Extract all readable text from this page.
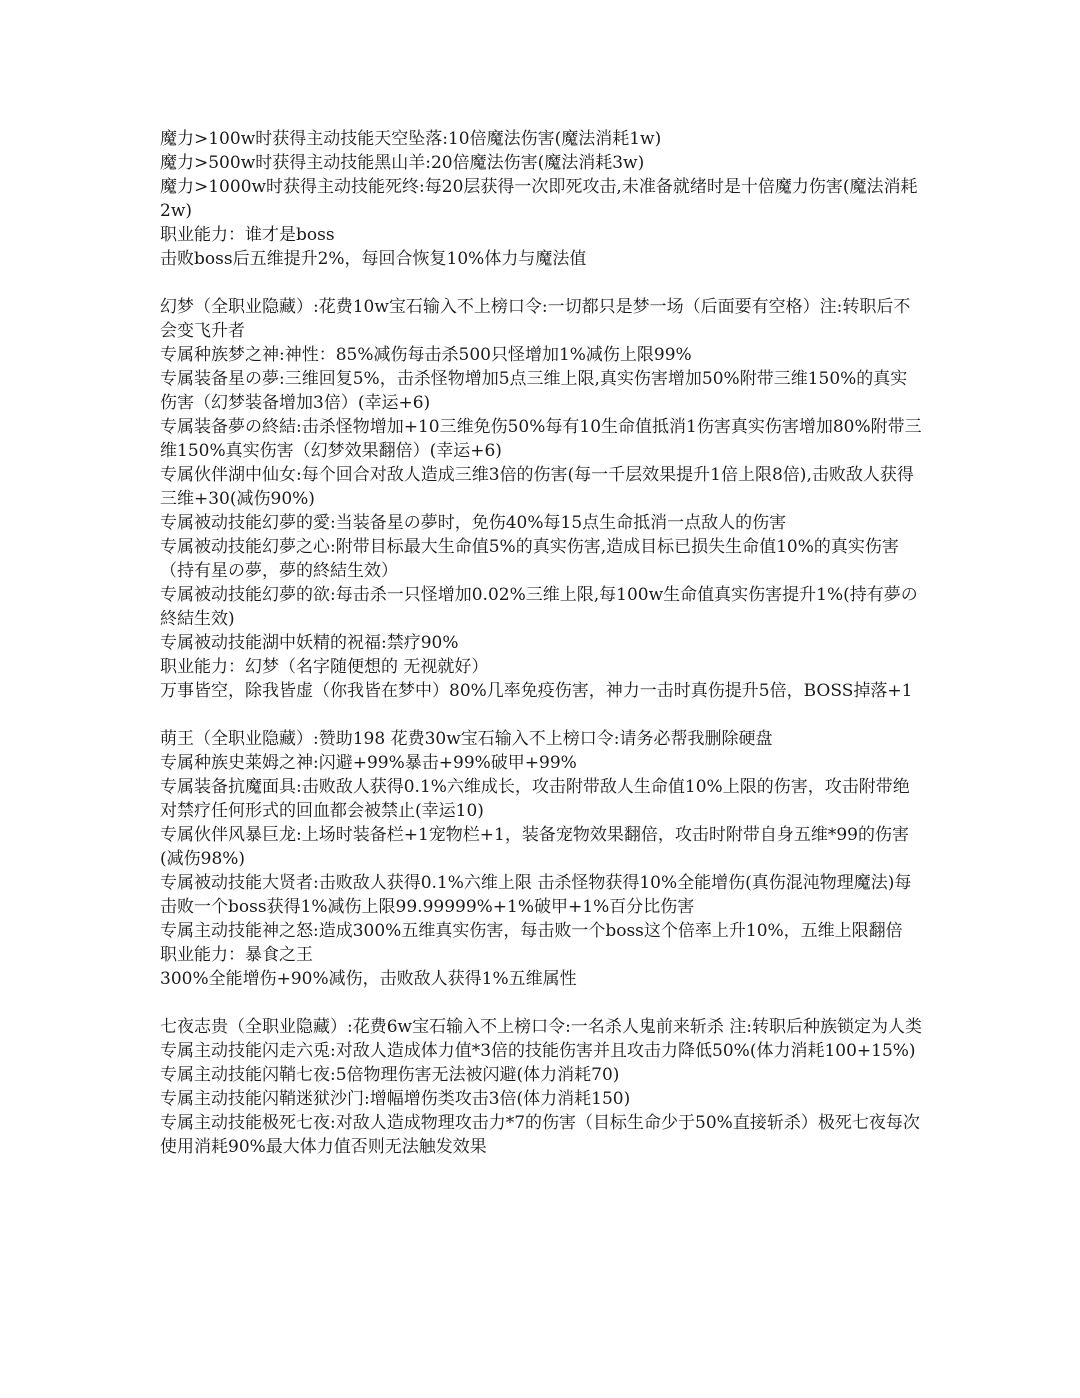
魔力>100w时获得主动技能天空坠落:10倍魔法伤害(魔法消耗1w)
魔力>500w时获得主动技能黑山羊:20倍魔法伤害(魔法消耗3w)
魔力>1000w时获得主动技能死终:每20层获得一次即死攻击,未准备就绪时是十倍魔力伤害(魔法消耗2w)
职业能力：谁才是boss
击败boss后五维提升2%，每回合恢复10%体力与魔法值
幻梦（全职业隐藏）:花费10w宝石输入不上榜口令:一切都只是梦一场（后面要有空格）注:转职后不会变飞升者
专属种族梦之神:神性：85%减伤每击杀500只怪增加1%减伤上限99%
专属装备星の夢:三维回复5%，击杀怪物增加5点三维上限,真实伤害增加50%附带三维150%的真实伤害（幻梦装备增加3倍）(幸运+6)
专属装备夢の終結:击杀怪物增加+10三维免伤50%每有10生命值抵消1伤害真实伤害增加80%附带三维150%真实伤害（幻梦效果翻倍）(幸运+6)
专属伙伴湖中仙女:每个回合对敌人造成三维3倍的伤害(每一千层效果提升1倍上限8倍),击败敌人获得三维+30(减伤90%)
专属被动技能幻夢的愛:当装备星の夢时，免伤40%每15点生命抵消一点敌人的伤害
专属被动技能幻夢之心:附带目标最大生命值5%的真实伤害,造成目标已损失生命值10%的真实伤害（持有星の夢，夢的終結生效）
专属被动技能幻夢的欲:每击杀一只怪增加0.02%三维上限,每100w生命值真实伤害提升1%(持有夢の終結生效)
专属被动技能湖中妖精的祝福:禁疗90%
职业能力：幻梦（名字随便想的 无视就好）
万事皆空，除我皆虚（你我皆在梦中）80%几率免疫伤害，神力一击时真伤提升5倍，BOSS掉落+1
萌王（全职业隐藏）:赞助198 花费30w宝石输入不上榜口令:请务必帮我删除硬盘
专属种族史莱姆之神:闪避+99%暴击+99%破甲+99%
专属装备抗魔面具:击败敌人获得0.1%六维成长，攻击附带敌人生命值10%上限的伤害，攻击附带绝对禁疗任何形式的回血都会被禁止(幸运10)
专属伙伴风暴巨龙:上场时装备栏+1宠物栏+1，装备宠物效果翻倍，攻击时附带自身五维*99的伤害(减伤98%)
专属被动技能大贤者:击败敌人获得0.1%六维上限 击杀怪物获得10%全能增伤(真伤混沌物理魔法)每击败一个boss获得1%减伤上限99.99999%+1%破甲+1%百分比伤害
专属主动技能神之怒:造成300%五维真实伤害，每击败一个boss这个倍率上升10%，五维上限翻倍
职业能力：暴食之王
300%全能增伤+90%减伤，击败敌人获得1%五维属性
七夜志贵（全职业隐藏）:花费6w宝石输入不上榜口令:一名杀人鬼前来斩杀 注:转职后种族锁定为人类
专属主动技能闪走六兎:对敌人造成体力值*3倍的技能伤害并且攻击力降低50%(体力消耗100+15%)
专属主动技能闪鞘七夜:5倍物理伤害无法被闪避(体力消耗70)
专属主动技能闪鞘迷狱沙门:增幅增伤类攻击3倍(体力消耗150)
专属主动技能极死七夜:对敌人造成物理攻击力*7的伤害（目标生命少于50%直接斩杀）极死七夜每次使用消耗90%最大体力值否则无法触发效果
